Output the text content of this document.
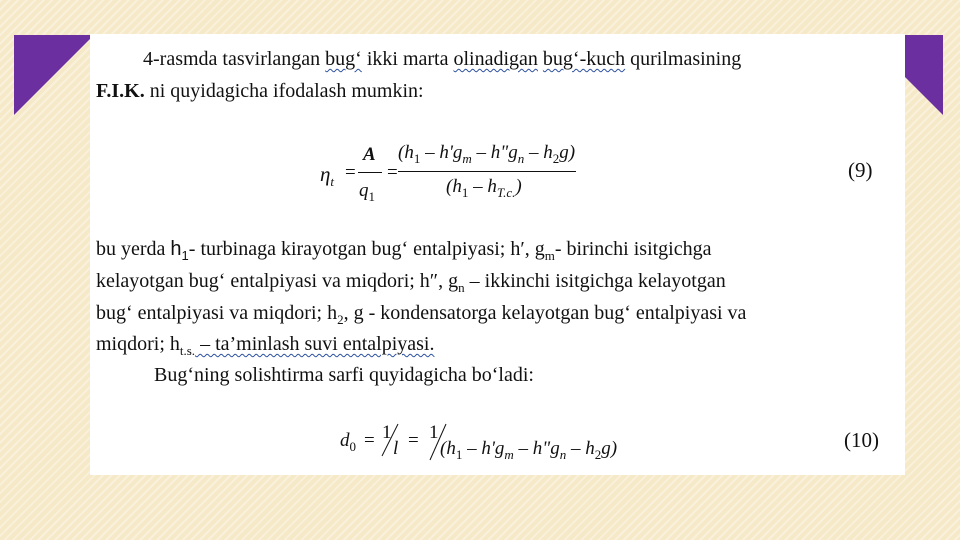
4-rasmda tasvirlangan bug‘ ikki marta olinadigan bug‘-kuch qurilmasining
F.I.K. ni quyidagicha ifodalash mumkin:
$\eta_t$ =
A
$q_1$
=
($h_1 - h'g_m$ – $h"g_n - h_2g$)
$(h_1 - h_{T.c.})$
(9)
bu yerda $h_1-$ turbinaga kirayotgan bug‘ entalpiyasi; h′, $g_m-$ birinchi isitgichga
kelayotgan bug‘ entalpiyasi va miqdori; h″, $g_n$ – ikkinchi isitgichga kelayotgan
bug‘ entalpiyasi va miqdori; $h_2$, g - kondensatorga kelayotgan bug‘ entalpiyasi va
miqdori; $h_{t.s.}$ – ta’minlash suvi entalpiyasi.
Bug‘ning solishtirma sarfi quyidagicha bo‘ladi:
$d_0 = 1$
l = 1
($h_1 - h'g_m$ – $h"g_n - h_2g$)	(10)
